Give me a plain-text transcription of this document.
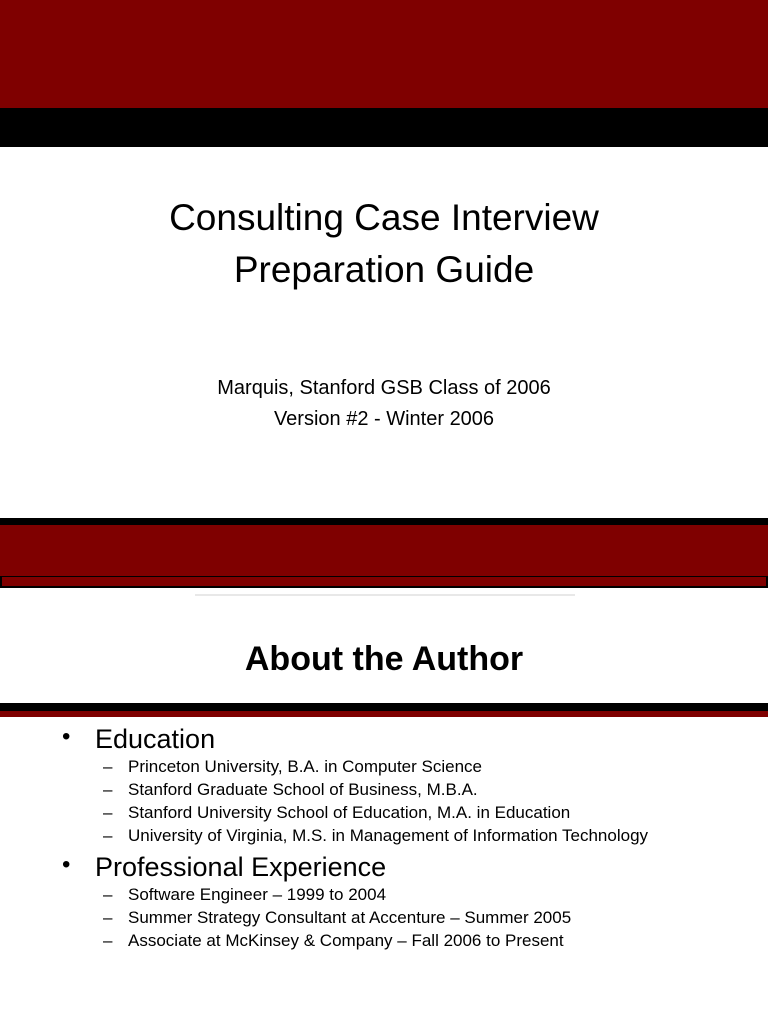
Consulting Case Interview
Preparation Guide
Marquis, Stanford GSB Class of 2006
Version #2 - Winter 2006
About the Author
• Education
– Princeton University, B.A. in Computer Science
– Stanford Graduate School of Business, M.B.A.
– Stanford University School of Education, M.A. in Education
– University of Virginia, M.S. in Management of Information Technology
• Professional Experience
– Software Engineer – 1999 to 2004
– Summer Strategy Consultant at Accenture – Summer 2005
– Associate at McKinsey & Company – Fall 2006 to Present
